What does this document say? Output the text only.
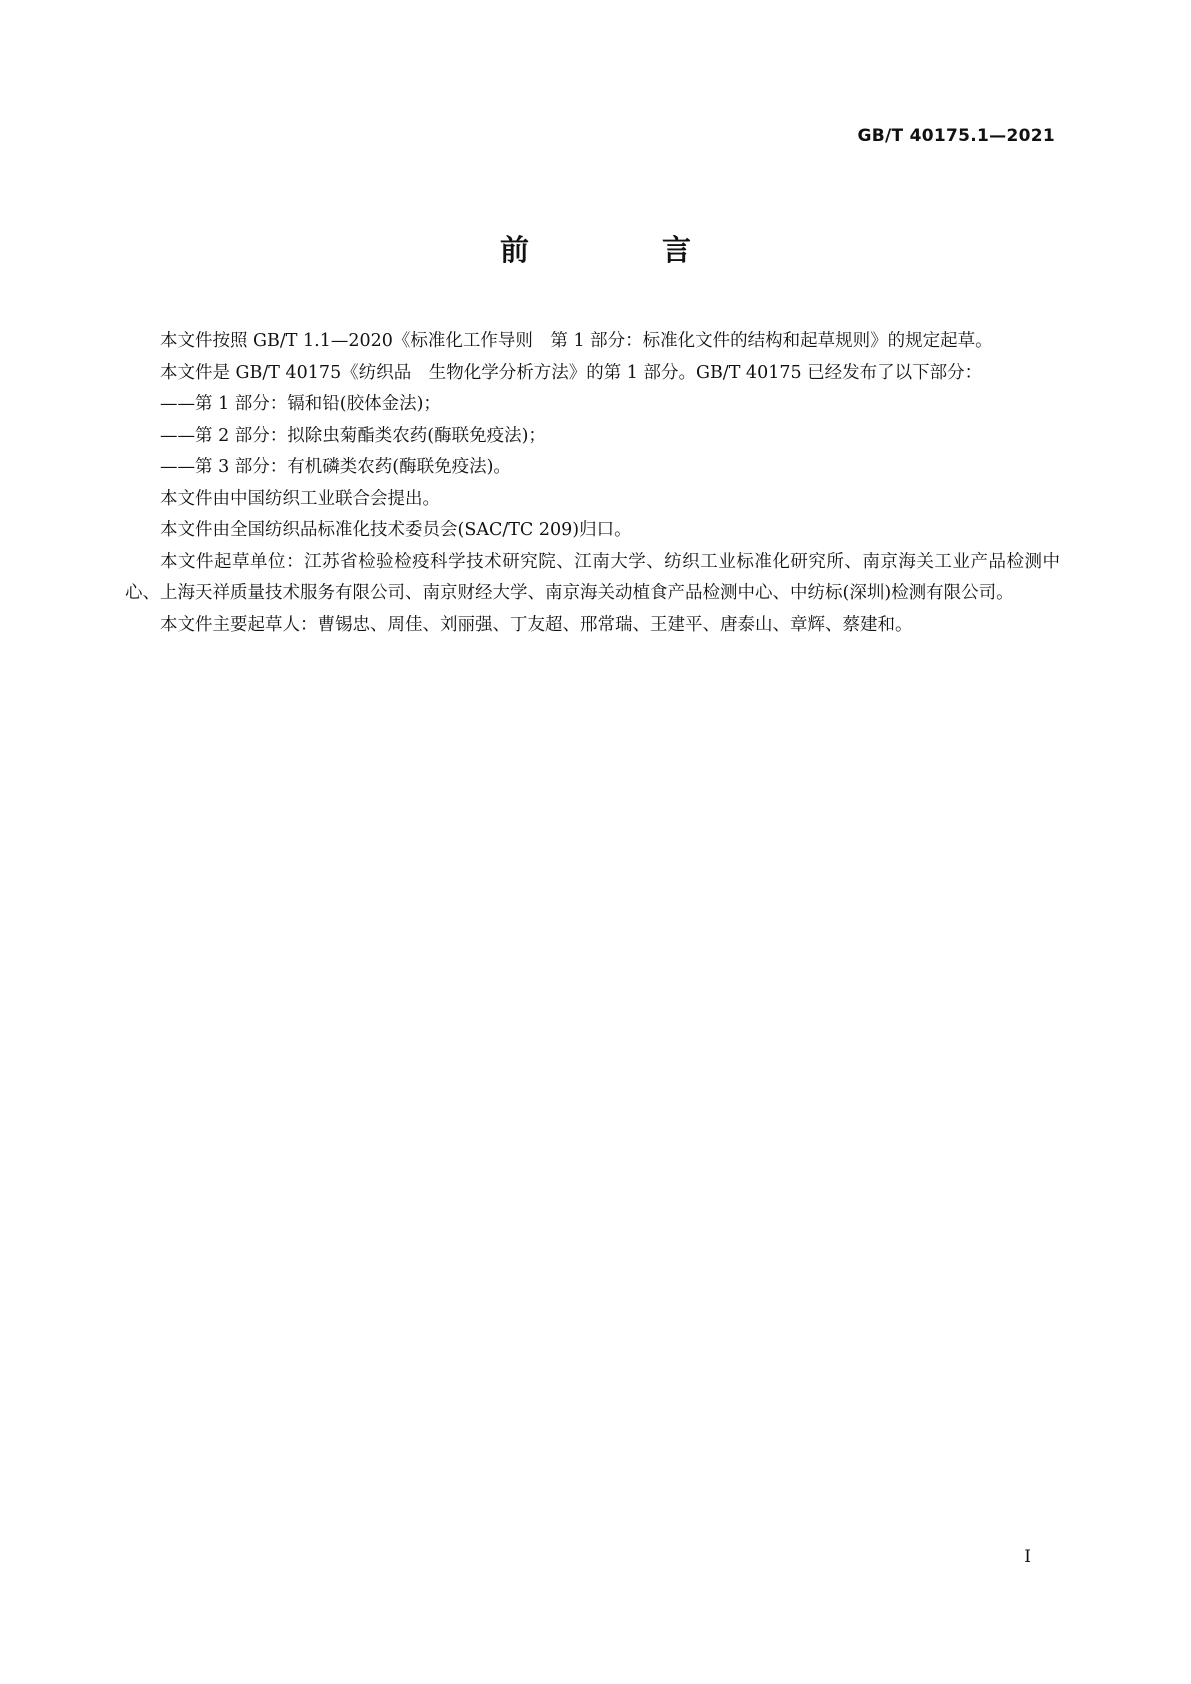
GB/T 40175.1—2021
前　言

本文件按照 GB/T 1.1—2020《标准化工作导则　第 1 部分：标准化文件的结构和起草规则》的规定起草。

本文件是 GB/T 40175《纺织品　生物化学分析方法》的第 1 部分。GB/T 40175 已经发布了以下部分：

——第 1 部分：镉和铅(胶体金法)；

——第 2 部分：拟除虫菊酯类农药(酶联免疫法)；

——第 3 部分：有机磷类农药(酶联免疫法)。

本文件由中国纺织工业联合会提出。

本文件由全国纺织品标准化技术委员会(SAC/TC 209)归口。

本文件起草单位：江苏省检验检疫科学技术研究院、江南大学、纺织工业标准化研究所、南京海关工业产品检测中心、上海天祥质量技术服务有限公司、南京财经大学、南京海关动植食产品检测中心、中纺标(深圳)检测有限公司。

本文件主要起草人：曹锡忠、周佳、刘丽强、丁友超、邢常瑞、王建平、唐泰山、章辉、蔡建和。

I
